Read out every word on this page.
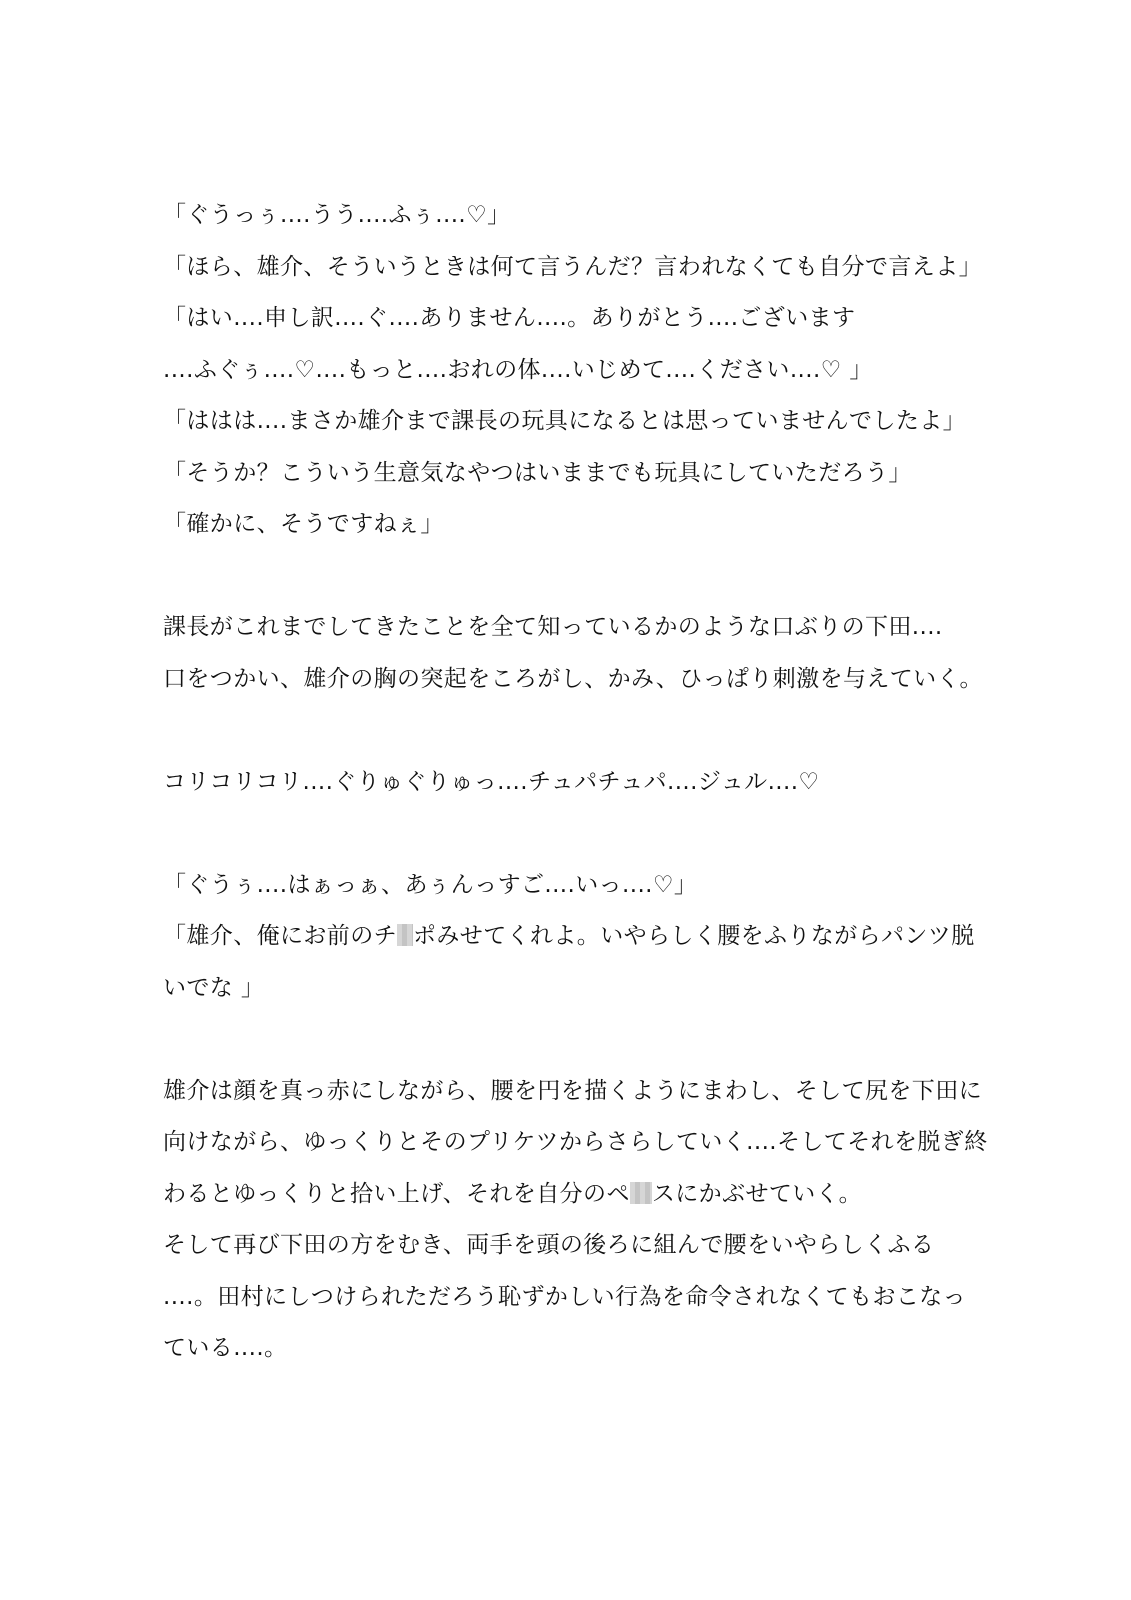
「ぐうっぅ....うう....ふぅ....♡」
「ほら、雄介、そういうときは何て言うんだ？言われなくても自分で言えよ」
「はい....申し訳....ぐ....ありません....。ありがとう....ございます
....ふぐぅ....♡....もっと....おれの体....いじめて....ください....♡ 」
「ははは....まさか雄介まで課長の玩具になるとは思っていませんでしたよ」
「そうか？こういう生意気なやつはいままでも玩具にしていただろう」
「確かに、そうですねぇ」
課長がこれまでしてきたことを全て知っているかのような口ぶりの下田....
口をつかい、雄介の胸の突起をころがし、かみ、ひっぱり刺激を与えていく。
コリコリコリ....ぐりゅぐりゅっ....チュパチュパ....ジュル....♡
「ぐうぅ....はぁっぁ、あぅんっすご....いっ....♡」
「雄介、俺にお前のチ ポみせてくれよ。いやらしく腰をふりながらパンツ脱
いでな 」
雄介は顔を真っ赤にしながら、腰を円を描くようにまわし、そして尻を下田に
向けながら、ゆっくりとそのプリケツからさらしていく....そしてそれを脱ぎ終
わるとゆっくりと拾い上げ、それを自分のペ スにかぶせていく。
そして再び下田の方をむき、両手を頭の後ろに組んで腰をいやらしくふる
....。田村にしつけられただろう恥ずかしい行為を命令されなくてもおこなっ
ている....。
